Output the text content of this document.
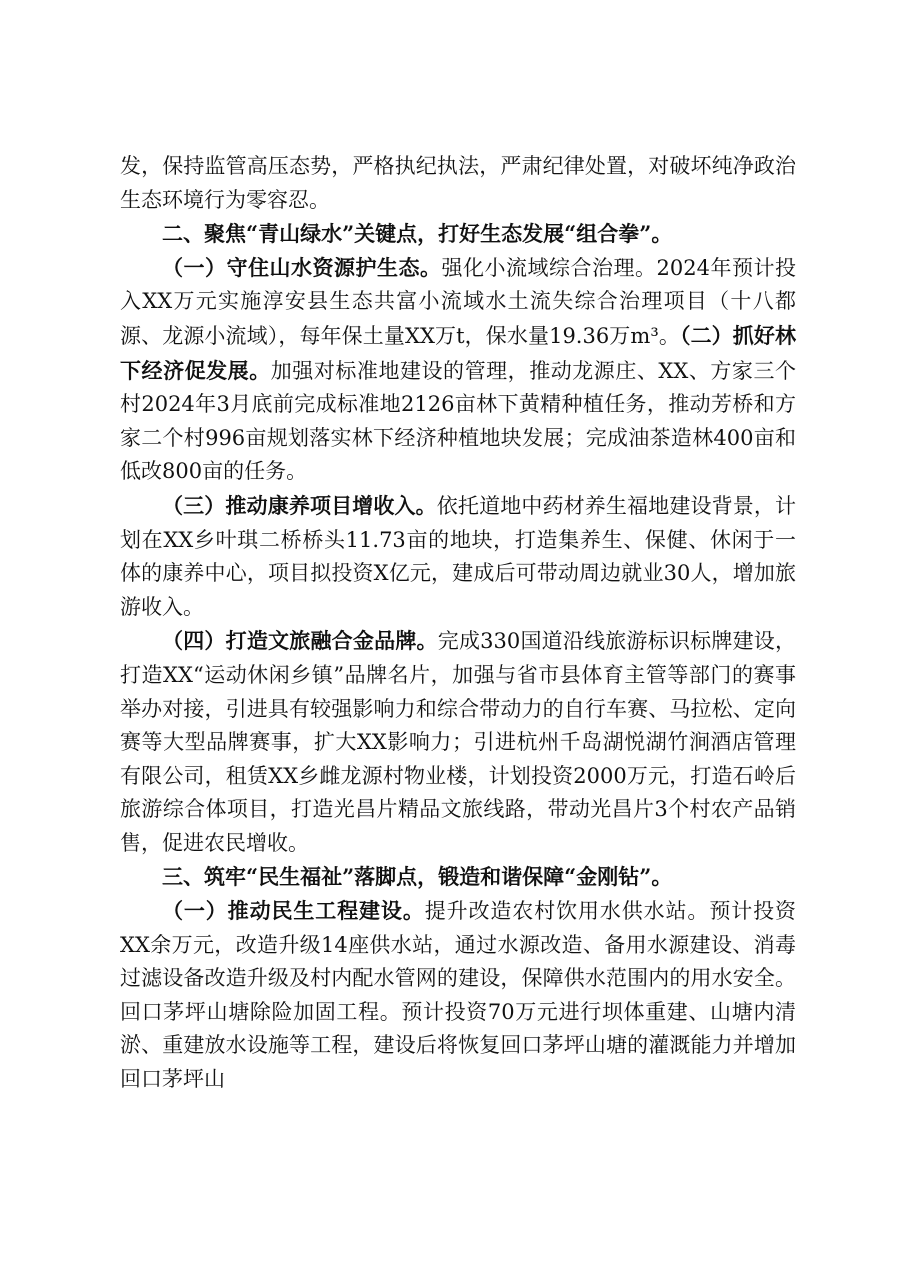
发，保持监管高压态势，严格执纪执法，严肃纪律处置，对破坏纯净政治生态环境行为零容忍。

二、聚焦“青山绿水”关键点，打好生态发展“组合拳”。

（一）守住山水资源护生态。强化小流域综合治理。2024年预计投入XX万元实施淳安县生态共富小流域水土流失综合治理项目（十八都源、龙源小流域），每年保土量XX万t，保水量19.36万m³。（二）抓好林下经济促发展。加强对标准地建设的管理，推动龙源庄、XX、方家三个村2024年3月底前完成标准地2126亩林下黄精种植任务，推动芳桥和方家二个村996亩规划落实林下经济种植地块发展；完成油茶造林400亩和低改800亩的任务。

（三）推动康养项目增收入。依托道地中药材养生福地建设背景，计划在XX乡叶琪二桥桥头11.73亩的地块，打造集养生、保健、休闲于一体的康养中心，项目拟投资X亿元，建成后可带动周边就业30人，增加旅游收入。

（四）打造文旅融合金品牌。完成330国道沿线旅游标识标牌建设，打造XX“运动休闲乡镇”品牌名片，加强与省市县体育主管等部门的赛事举办对接，引进具有较强影响力和综合带动力的自行车赛、马拉松、定向赛等大型品牌赛事，扩大XX影响力；引进杭州千岛湖悦湖竹涧酒店管理有限公司，租赁XX乡雌龙源村物业楼，计划投资2000万元，打造石岭后旅游综合体项目，打造光昌片精品文旅线路，带动光昌片3个村农产品销售，促进农民增收。

三、筑牢“民生福祉”落脚点，锻造和谐保障“金刚钻”。

（一）推动民生工程建设。提升改造农村饮用水供水站。预计投资XX余万元，改造升级14座供水站，通过水源改造、备用水源建设、消毒过滤设备改造升级及村内配水管网的建设，保障供水范围内的用水安全。回口茅坪山塘除险加固工程。预计投资70万元进行坝体重建、山塘内清淤、重建放水设施等工程，建设后将恢复回口茅坪山塘的灌溉能力并增加回口茅坪山
